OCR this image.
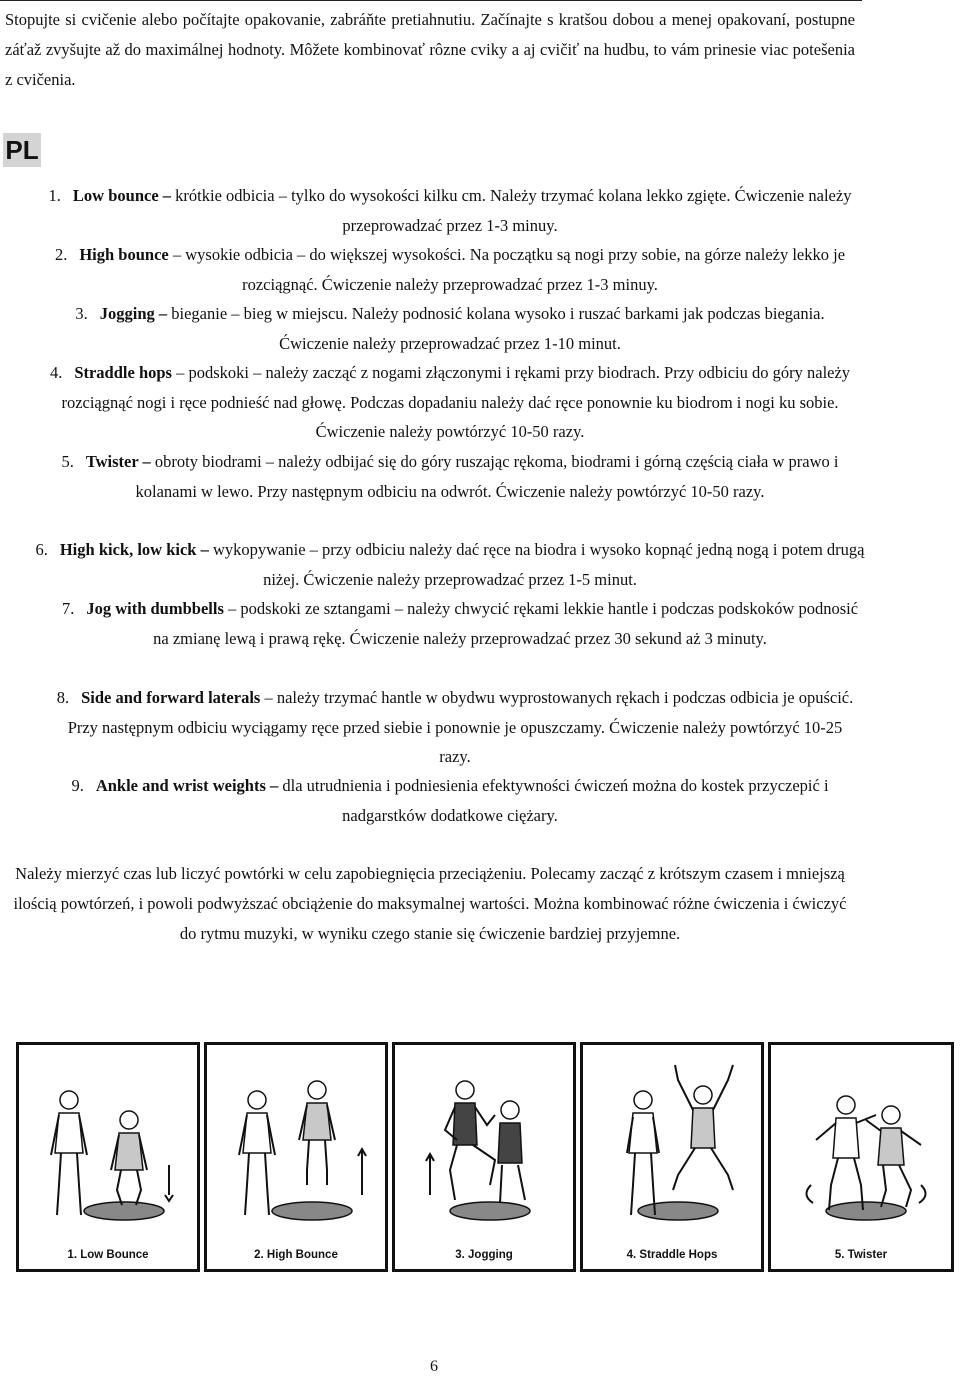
Stopujte si cvičenie alebo počítajte opakovanie, zabráňte pretiahnutiu. Začínajte s kratšou dobou a menej opakovaní, postupne záťaž zvyšujte až do maximálnej hodnoty. Môžete kombinovať rôzne cviky a aj cvičiť na hudbu, to vám prinesie viac potešenia z cvičenia.

PL
1. Low bounce – krótkie odbicia – tylko do wysokości kilku cm. Należy trzymać kolana lekko zgięte. Ćwiczenie należy przeprowadzać przez 1-3 minuy.
2. High bounce – wysokie odbicia – do większej wysokości. Na początku są nogi przy sobie, na górze należy lekko je rozciągnąć. Ćwiczenie należy przeprowadzać przez 1-3 minuy.
3. Jogging – bieganie – bieg w miejscu. Należy podnosić kolana wysoko i ruszać barkami jak podczas biegania. Ćwiczenie należy przeprowadzać przez 1-10 minut.
4. Straddle hops – podskoki – należy zacząć z nogami złączonymi i rękami przy biodrach. Przy odbiciu do góry należy rozciągnąć nogi i ręce podnieść nad głowę. Podczas dopadaniu należy dać ręce ponownie ku biodrom i nogi ku sobie. Ćwiczenie należy powtórzyć 10-50 razy.
5. Twister – obroty biodrami – należy odbijać się do góry ruszając rękoma, biodrami i górną częścią ciała w prawo i kolanami w lewo. Przy następnym odbiciu na odwrót. Ćwiczenie należy powtórzyć 10-50 razy.
6. High kick, low kick – wykopywanie – przy odbiciu należy dać ręce na biodra i wysoko kopnąć jedną nogą i potem drugą niżej. Ćwiczenie należy przeprowadzać przez 1-5 minut.
7. Jog with dumbbells – podskoki ze sztangami – należy chwycić rękami lekkie hantle i podczas podskoków podnosić na zmianę lewą i prawą rękę. Ćwiczenie należy przeprowadzać przez 30 sekund aż 3 minuty.
8. Side and forward laterals – należy trzymać hantle w obydwu wyprostowanych rękach i podczas odbicia je opuścić. Przy następnym odbiciu wyciągamy ręce przed siebie i ponownie je opuszczamy. Ćwiczenie należy powtórzyć 10-25 razy.
9. Ankle and wrist weights – dla utrudnienia i podniesienia efektywności ćwiczeń można do kostek przyczepić i nadgarstków dodatkowe ciężary.

Należy mierzyć czas lub liczyć powtórki w celu zapobiegnięcia przeciążeniu. Polecamy zacząć z krótszym czasem i mniejszą ilością powtórzeń, i powoli podwyższać obciążenie do maksymalnej wartości. Można kombinować różne ćwiczenia i ćwiczyć do rytmu muzyki, w wyniku czego stanie się ćwiczenie bardziej przyjemne.

1. Low Bounce	2. High Bounce	3. Jogging	4. Straddle Hops	5. Twister
6
